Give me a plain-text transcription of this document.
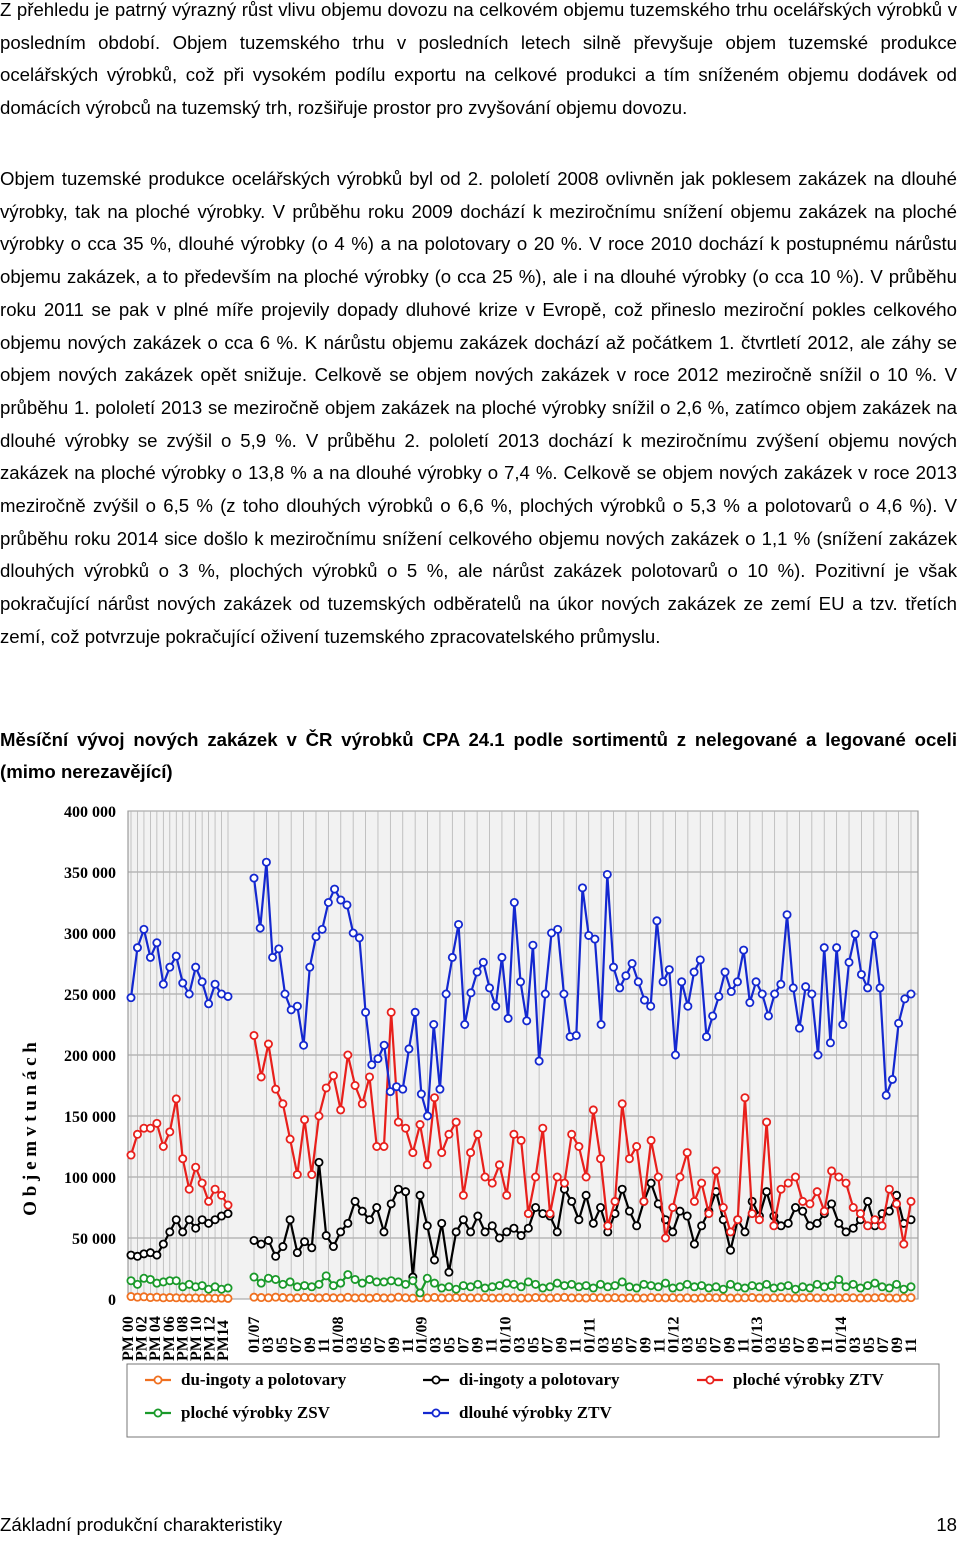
Z přehledu je patrný výrazný růst vlivu objemu dovozu na celkovém objemu tuzemského trhu ocelářských výrobků v posledním období. Objem tuzemského trhu v posledních letech silně převyšuje objem tuzemské produkce ocelářských výrobků, což při vysokém podílu exportu na celkové produkci a tím sníženém objemu dodávek od domácích výrobců na tuzemský trh, rozšiřuje prostor pro zvyšování objemu dovozu.
Objem tuzemské produkce ocelářských výrobků byl od 2. pololetí 2008 ovlivněn jak poklesem zakázek na dlouhé výrobky, tak na ploché výrobky. V průběhu roku 2009 dochází k meziročnímu snížení objemu zakázek na ploché výrobky o cca 35 %, dlouhé výrobky (o 4 %) a na polotovary o 20 %. V roce 2010 dochází k postupnému nárůstu objemu zakázek, a to především na ploché výrobky (o cca 25 %), ale i na dlouhé výrobky (o cca 10 %). V průběhu roku 2011 se pak v plné míře projevily dopady dluhové krize v Evropě, což přineslo meziroční pokles celkového objemu nových zakázek o cca 6 %. K nárůstu objemu zakázek dochází až počátkem 1. čtvrtletí 2012, ale záhy se objem nových zakázek opět snižuje. Celkově se objem nových zakázek v roce 2012 meziročně snížil o 10 %. V průběhu 1. pololetí 2013 se meziročně objem zakázek na ploché výrobky snížil o 2,6 %, zatímco objem zakázek na dlouhé výrobky se zvýšil o 5,9 %. V průběhu 2. pololetí 2013 dochází k meziročnímu zvýšení objemu nových zakázek na ploché výrobky o 13,8 % a na dlouhé výrobky o 7,4 %. Celkově se objem nových zakázek v roce 2013 meziročně zvýšil o 6,5 % (z toho dlouhých výrobků o 6,6 %, plochých výrobků o 5,3 % a polotovarů o 4,6 %). V průběhu roku 2014 sice došlo k meziročnímu snížení celkového objemu nových zakázek o 1,1 % (snížení zakázek dlouhých výrobků o 3 %, plochých výrobků o 5 %, ale nárůst zakázek polotovarů o 10 %). Pozitivní je však pokračující nárůst nových zakázek od tuzemských odběratelů na úkor nových zakázek ze zemí EU a tzv. třetích zemí, což potvrzuje pokračující oživení tuzemského zpracovatelského průmyslu.
Měsíční vývoj nových zakázek v ČR výrobků CPA 24.1 podle sortimentů z nelegované a legované oceli (mimo nerezavějící)
O b j e m v t u n á c h
0
50 000
100 000
150 000
200 000
250 000
300 000
350 000
400 000
PM 00
PM 02
PM 04
PM 06
PM 08
PM 10
PM 12
PM14 01/07
03
05
07
09
11
01/08
03
05
07
09
11
01/09
03
05
07
09
11
01/10
03
05
07
09
11
01/11
03
05
07
09
11
01/12
03
05
07
09
11
01/13
03
05
07
09
11
01/14
03
05
07
09
11
du-ingoty a polotovary	di-ingoty a polotovary	ploché výrobky ZTV
ploché výrobky ZSV	dlouhé výrobky ZTV
Základní produkční charakteristiky	18
